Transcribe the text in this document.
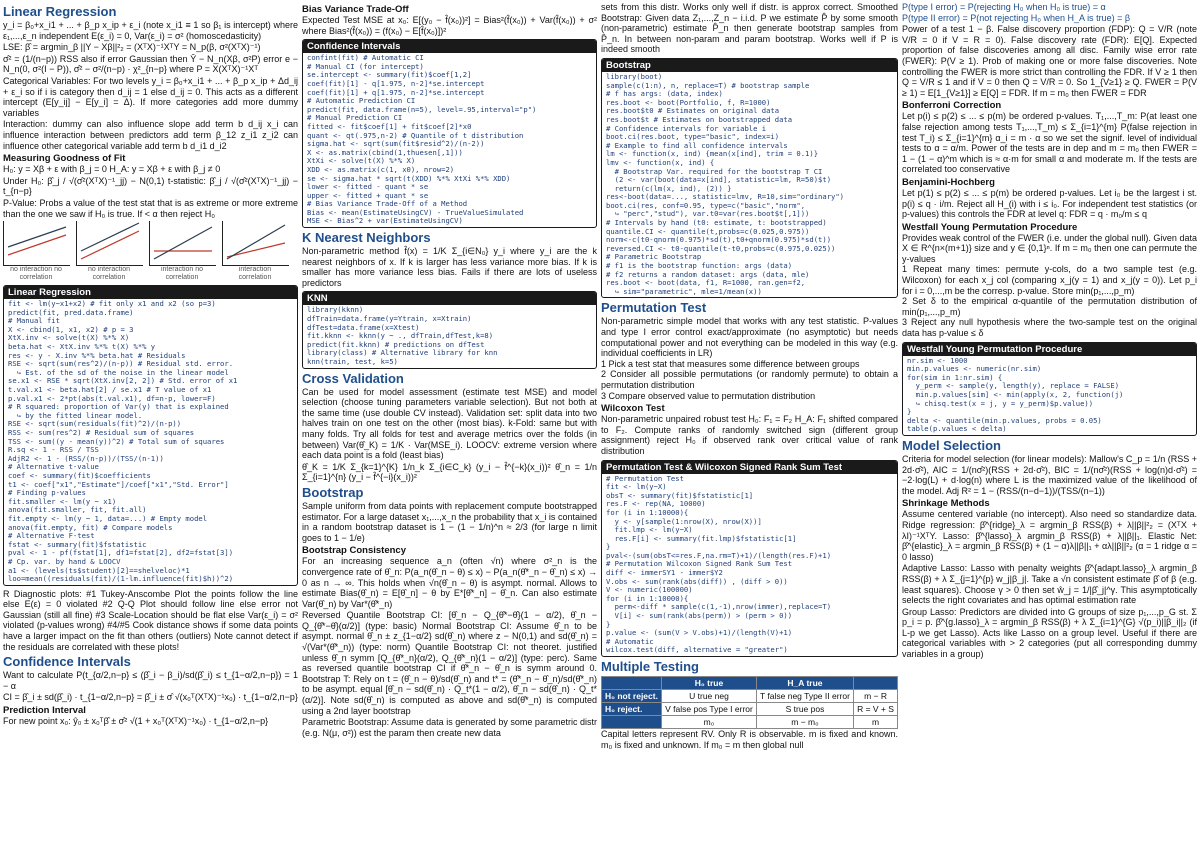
Linear Regression

y_i = β₀+x_i1 + ... + β_p x_ip + ε_i (note x_i1 ≡ 1 so β₁ is intercept) where ε₁,...,ε_n independent E(ε_i) = 0, Var(ε_i) = σ² (homoscedasticity)

LSE: β̂ = argmin_β ||Y − Xβ||²₂ = (XᵀX)⁻¹XᵀY = N_p(β, σ²(XᵀX)⁻¹)

σ̂² = (1/(n−p)) RSS also if error Gaussian then Ŷ − N_n(Xβ, σ²P) error e − N_n(0, σ²(I − P)), σ̂² − σ²/(n−p) · χ²_{n−p} where P = X(XᵀX)⁻¹Xᵀ

Categorical Variables: For two levels y_i = β₀+x_i1 + ... + β_p x_ip + Δd_ij + ε_i so if i is category then d_ij = 1 else d_ij = 0. This acts as a different intercept (E[y_ij] − E[y_i] = Δ). If more categories add more dummy variables

Interaction: dummy can also influence slope add term b d_ij x_i can influence interaction between predictors add term β_12 z_i1 z_i2 can influence other categorical variable add term b d_i1 d_i2

Measuring Goodness of Fit

H₀: y = Xβ + ε with β_j = 0 H_A: y = Xβ + ε with β_j ≠ 0

Under H₀: β̂_j / √(σ̂²(XᵀX)⁻¹_jj) − N(0,1) t-statistic: β̂_j / √(σ̂²(XᵀX)⁻¹_jj) − t_{n−p}

P-Value: Probs a value of the test stat that is as extreme or more extreme than the one we saw if H₀ is true. If < α then reject H₀

no interaction no correlation
no interaction correlation
interaction no correlation
interaction correlation
Linear Regression
fit <- lm(y~x1+x2) # fit only x1 and x2 (so p=3)
predict(fit, pred.data.frame)
# Manual fit
X <- cbind(1, x1, x2) # p = 3
XtX.inv <- solve(t(X) %*% X)
beta.hat <- XtX.inv %*% t(X) %*% y
res <- y - X.inv %*% beta.hat # Residuals
RSE <- sqrt(sum(res^2)/(n-p)) # Residual std. error.
↪ Est. of the sd of the noise in the linear model
se.x1 <- RSE * sqrt(XtX.inv[2, 2]) # Std. error of x1
t.val.x1 <- beta.hat[2] / se.x1 # T value of x1
p.val.x1 <- 2*pt(abs(t.val.x1), df=n-p, lower=F)
# R squared: proportion of Var(y) that is explained
↪ by the fitted linear model.
RSE <- sqrt(sum(residuals(fit)^2)/(n-p))
RSS <- sum(res^2) # Residual sum of squares
TSS <- sum((y - mean(y))^2) # Total sum of squares
R.sq <- 1 - RSS / TSS
AdjR2 <- 1 - (RSS/(n-p))/(TSS/(n-1))
# Alternative t-value
coef <- summary(fit)$coefficients
t1 <- coef["x1","Estimate"]/coef["x1","Std. Error"]
# Finding p-values
fit.smaller <- lm(y ~ x1)
anova(fit.smaller, fit, fit.all)
fit.empty <- lm(y ~ 1, data=...) # Empty model
anova(fit.empty, fit) # Compare models
# Alternative F-test
fstat <- summary(fit)$fstatistic
pval <- 1 - pf(fstat[1], df1=fstat[2], df2=fstat[3])
# Cp. var. by hand & LOOCV
a1 <- (levels(ts$student)[2]==shelveloc)*1
loo=mean((residuals(fit)/(1-lm.influence(fit)$h))^2)

R Diagnostic plots: #1 Tukey-Anscombe Plot the points follow the line else E(ε) = 0 violated #2 Q-Q Plot should follow line else error not Gaussian (still all fine) #3 Scale-Location should be flat else Var(ε_i) = σ² violated (p-values wrong) #4/#5 Cook distance shows if some data points have a larger impact on the fit than others (outliers) Note cannot detect if the residuals are correlated with these plots!

Confidence Intervals

Want to calculate P(t_{α/2,n−p} ≤ (β̂_i − β_i)/sd(β̂_i) ≤ t_{1−α/2,n−p}) = 1 − α

CI = β̂_i ± sd(β̂_i) · t_{1−α/2,n−p} = β̂_i ± σ̂ √(x₀ᵀ(XᵀX)⁻¹x₀) · t_{1−α/2,n−p}

Prediction Interval

For new point x₀: ŷ₀ ± x₀ᵀβ̂ ± σ̂² √(1 + x₀ᵀ(XᵀX)⁻¹x₀) · t_{1−α/2,n−p}

Bias Variance Trade-Off

Expected Test MSE at x₀: E[(y₀ − f̂(x₀))²] = Bias²(f̂(x₀)) + Var(f̂(x₀)) + σ² where Bias²(f̂(x₀)) = (f(x₀) − E[f̂(x₀)])²

Confidence Intervals
confint(fit) # Automatic CI
# Manual CI (for intercept)
se.intercept <- summary(fit)$coef[1,2]
coef(fit)[1] - q[1.975, n-2]*se.intercept
coef(fit)[1] + q[1.975, n-2]*se.intercept
# Automatic Prediction CI
predict(fit, data.frame(n=5), level=.95,interval="p")
# Manual Prediction CI
fitted <- fit$coef[1] + fit$coef[2]*x0
quant <- qt(.975,n-2) # Quantile of t distribution
sigma.hat <- sqrt(sum(fit$resid^2)/(n-2))
X <- as.matrix(cbind(1,thuesen[,1]))
XtXi <- solve(t(X) %*% X)
XDD <- as.matrix(c(1, x0), nrow=2)
se <- sigma.hat * sqrt(t(XDD) %*% XtXi %*% XDD)
lower <- fitted - quant * se
upper <- fitted + quant * se
# Bias Variance Trade-Off of a Method
Bias <- mean(EstimateUsingCV) - TrueValueSimulated
MSE <- Bias^2 + var(EstimateUsingCV)
K Nearest Neighbors

Non-parametric method f̂(x) = 1/K Σ_{i∈N₀} y_i where y_i are the k nearest neighbors of x. If k is larger has less variance more bias. If k is smaller has more variance less bias. Fails if there are lots of useless predictors

KNN
library(kknn)
dfTrain=data.frame(y=Ytrain, x=Xtrain)
dfTest=data.frame(x=Xtest)
fit.kknn <- kknn(y ~ ., dfTrain,dfTest,k=8)
predict(fit.kknn) # predictions on dfTest
library(class) # Alternative library for knn
knn(train, test, k=5)
Cross Validation

Can be used for model assessment (estimate test MSE) and model selection (choose tuning parameters variable selection). But not both at the same time (use double CV instead). Validation set: split data into two halves train on one test on the other (most bias). k-Fold: same but with many folds. Try all folds for test and average metrics over the folds (in between) Var(θ̂_K) = 1/K · Var(MSE_i). LOOCV: extreme version where each data point is a fold (least bias)

θ̂_K = 1/K Σ_{k=1}^{K} 1/n_k Σ_{i∈C_k} (y_i − f̂^{−k}(x_i))² θ̂_n = 1/n Σ_{i=1}^{n} (y_i − f̂^{−i}(x_i))²

Bootstrap

Sample uniform from data points with replacement compute bootstrapped estimator. For a large dataset x₁,...,x_n the probability that x_i is contained in a random bootstrap dataset is 1 − (1 − 1/n)^n ≈ 2/3 (for large n limit goes to 1 − 1/e)

Bootstrap Consistency

For an increasing sequence a_n (often √n) where σ²_n is the convergence rate of θ̂_n: P(a_n(θ̂_n − θ) ≤ x) − P(a_n(θ̂*_n − θ̂_n) ≤ x) → 0 as n → ∞. This holds when √n(θ̂_n − θ) is asympt. normal. Allows to estimate Bias(θ̂_n) = E[θ̂_n] − θ by E*[θ̂*_n] − θ̂_n. Can also estimate Var(θ̂_n) by Var*(θ̂*_n)

Reversed Quantile Bootstrap CI: [θ̂_n − Q_{θ̂*−θ̂}(1 − α/2), θ̂_n − Q_{θ̂*−θ̂}(α/2)] (type: basic) Normal Bootstrap CI: Assume θ̂_n to be asympt. normal θ̂_n ± z_{1−α/2} sd(θ̂_n) where z − N(0,1) and sd(θ̂_n) = √(Var*(θ̂*_n)) (type: norm) Quantile Bootstrap CI: not theoret. justified unless θ̂_n symm [Q_{θ̂*_n}(α/2), Q_{θ̂*_n}(1 − α/2)] (type: perc). Same as reversed quantile bootstrap CI if θ̂*_n − θ̂_n is symm around 0. Bootstrap T: Rely on t = (θ̂_n − θ)/sd(θ̂_n) and t* = (θ̂*_n − θ̂_n)/sd(θ̂*_n) to be asympt. equal [θ̂_n − sd(θ̂_n) · Q_t*(1 − α/2), θ̂_n − sd(θ̂_n) · Q_t*(α/2)]. Note sd(θ̂_n) is computed as above and sd(θ̂*_n) is computed using a 2nd layer bootstrap

Parametric Bootstrap: Assume data is generated by some parametric distr (e.g. N(μ, σ²)) est the param then create new data

sets from this distr. Works only well if distr. is approx correct. Smoothed Bootstrap: Given data Z₁,...,Z_n − i.i.d. P we estimate P̂ by some smooth (non-parametric) estimate P̂_n then generate bootstrap samples from P̂_n. In between non-param and param bootstrap. Works well if P is indeed smooth

Bootstrap
library(boot)
sample(c(1:n), n, replace=T) # bootstrap sample
# f has args: (data, index)
res.boot <- boot(Portfolio, f, R=1000)
res.boot$t0 # Estimates on original data
res.boot$t # Estimates on bootstrapped data
# Confidence intervals for variable i
boot.ci(res.boot, type="basic", index=i)
# Example to find all confidence intervals
lm <- function(x, ind) {mean(x[ind], trim = 0.1)}
lmv <- function(x, ind) {
# Bootstrap Var. required for the bootstrap T CI
(2 <- var(boot(data=x[ind], statistic=lm, R=50)$t)
return(c(lm(x, ind), (2)) }
res<-boot(data=..., statistic=lmv, R=10,sim="ordinary")
boot.ci(res, conf=0.95, type=c("basic","norm",
↪ "perc","stud"), var.t0=var(res.boot$t[,1]))
# Intervals by hand (t0: estimate, t: bootstrapped)
quantile.CI <- quantile(t,probs=c(0.025,0.975))
norm<-c(t0-qnorm(0.975)*sd(t),t0+qnorm(0.975)*sd(t))
reversed.CI <- t0-quantile(t-t0,probs=c(0.975,0.025))
# Parametric Bootstrap
# f1 is the bootstrap function: args (data)
# f2 returns a random dataset: args (data, mle)
res.boot <- boot(data, f1, R=1000, ran.gen=f2,
↪ sim="parametric", mle=1/mean(x))
Permutation Test

Non-parametric simple model that works with any test statistic. P-values and type I error control exact/approximate (no asymptotic) but needs computational power and not everything can be modeled in this way (e.g. individual coefficients in LR)
1 Pick a test stat that measures some difference between groups
2 Consider all possible permutations (or randomly permute) to obtain a permutation distribution
3 Compare observed value to permutation distribution

Wilcoxon Test

Non-parametric unpaired robust test H₀: F₁ = F₂ H_A: F₁ shifted compared to F₂. Compute ranks of randomly switched sign (different group assignment) reject H₀ if observed rank over critical value of rank distribution

Permutation Test & Wilcoxon Signed Rank Sum Test
# Permutation Test
fit <- lm(y~X)
obsT <- summary(fit)$fstatistic[1]
res.F <- rep(NA, 10000)
for (i in 1:10000){
y <- y[sample(1:nrow(X), nrow(X))]
fit.lmp <- lm(y~X)
res.F[i] <- summary(fit.lmp)$fstatistic[1]
}
pval<-(sum(obsT<=res.F,na.rm=T)+1)/(length(res.F)+1)
# Permutation Wilcoxon Signed Rank Sum Test
diff <- immerSY1 - immer$Y2
V.obs <- sum(rank(abs(diff)) , (diff > 0))
V <- numeric(100000)
for (i in 1:10000){
perm<-diff * sample(c(1,-1),nrow(immer),replace=T)
V[i] <- sum(rank(abs(perm)) > (perm > 0))
}
p.value <- (sum(V > V.obs)+1)/(length(V)+1)
# Automatic
wilcox.test(diff, alternative = "greater")
Multiple Testing
	H₀ true	H_A true	
H₀ not reject.	U true neg	T false neg Type II error	m − R
H₀ reject.	V false pos Type I error	S true pos	R = V + S
	m₀	m − m₀	m

Capital letters represent RV. Only R is observable. m is fixed and known. m₀ is fixed and unknown. If m₀ = m then global null

P(type I error) = P(rejecting H₀ when H₀ is true) = α
P(type II error) = P(not rejecting H₀ when H_A is true) = β

Power of a test 1 − β. False discovery proportion (FDP): Q = V/R (note V/R = 0 if V = R = 0). False discovery rate (FDR): E[Q]. Expected proportion of false discoveries among all disc. Family wise error rate (FWER): P(V ≥ 1). Prob of making one or more false discoveries. Note controlling the FWER is more strict than controlling the FDR. If V ≥ 1 then Q = V/R ≤ 1 and if V = 0 then Q = V/R = 0. So 1_{V≥1} ≥ Q. FWER = P(V ≥ 1) = E[1_{V≥1}] ≥ E[Q] = FDR. If m = m₀ then FWER = FDR

Bonferroni Correction

Let p(i) ≤ p(2) ≤ ... ≤ p(m) be ordered p-values. T₁,...,T_m: P(at least one false rejection among tests T₁,...,T_m) ≤ Σ_{i=1}^{m} P(false rejection in test T_i) ≤ Σ_{i=1}^{m} α_i = m · α so we set the signif. level of individual tests to α = α/m. Power of the tests are in dep and m = m₀ then FWER = 1 − (1 − α)^m which is ≈ α·m for small α and moderate m. If the tests are correlated too conservative

Benjamini-Hochberg

Let p(1) ≤ p(2) ≤ ... ≤ p(m) be ordered p-values. Let i₀ be the largest i st. p(i) ≤ q · i/m. Reject all H_(i) with i ≤ i₀. For independent test statistics (or p-values) this controls the FDR at level q: FDR = q · m₀/m ≤ q

Westfall Young Permutation Procedure

Provides weak control of the FWER (i.e. under the global null). Given data X ∈ R^{n×(m+1)} size and y ∈ {0,1}ⁿ. If m = m₀ then one can permute the y-values
1 Repeat many times: permute y-cols, do a two sample test (e.g. Wilcoxon) for each x_j col (comparing x_j(y = 1) and x_j(y = 0)). Let p_i for i = 0,...,m be the corresp. p-value. Store min(p₁,...,p_m)
2 Set δ to the empirical α-quantile of the permutation distribution of min(p₁,...,p_m)
3 Reject any null hypothesis where the two-sample test on the original data has p-value ≤ δ

Westfall Young Permutation Procedure
nr.sim <- 1000
min.p.values <- numeric(nr.sim)
for(sim in 1:nr.sim) {
y_perm <- sample(y, length(y), replace = FALSE)
min.p.values[sim] <- min(apply(x, 2, function(j)
↪ chisq.test(x = j, y = y_perm)$p.value))
}
delta <- quantile(min.p.values, probs = 0.05)
table(p.values < delta)
Model Selection

Criteria for model selection (for linear models): Mallow's C_p = 1/n (RSS + 2d·σ̂²), AIC = 1/(nσ̂²)(RSS + 2d·σ̂²), BIC = 1/(nσ̂²)(RSS + log(n)d·σ̂²) = −2·log(L) + d·log(n) where L is the maximized value of the likelihood of the model. Adj R² = 1 − (RSS/(n−d−1))/(TSS/(n−1))

Shrinkage Methods

Assume centered variable (no intercept). Also need so standardize data. Ridge regression: β̂^{ridge}_λ = argmin_β RSS(β) + λ||β||²₂ = (XᵀX + λI)⁻¹XᵀY. Lasso: β̂^{lasso}_λ argmin_β RSS(β) + λ||β||₁. Elastic Net: β̂^{elastic}_λ = argmin_β RSS(β) + (1 − α)λ||β||₁ + αλ||β||²₂ (α = 1 ridge α = 0 lasso)

Adaptive Lasso: Lasso with penalty weights β̂^{adapt.lasso}_λ argmin_β RSS(β) + λ Σ_{j=1}^{p} w_j|β_j|. Take a √n consistent estimate β̂ of β (e.g. least squares). Choose γ > 0 then set ŵ_j = 1/|β̂_j|^γ. This asymptotically selects the right covariates and has optimal estimation rate

Group Lasso: Predictors are divided into G groups of size p₁,...,p_G st. Σ p_i = p. β̂^{g.lasso}_λ = argmin_β RSS(β) + λ Σ_{i=1}^{G} √(p_i)||β_i||₂ (if L-p we get Lasso). Acts like Lasso on a group level. Useful if there are categorical variables with > 2 categories (put all corresponding dummy variables in a group)
